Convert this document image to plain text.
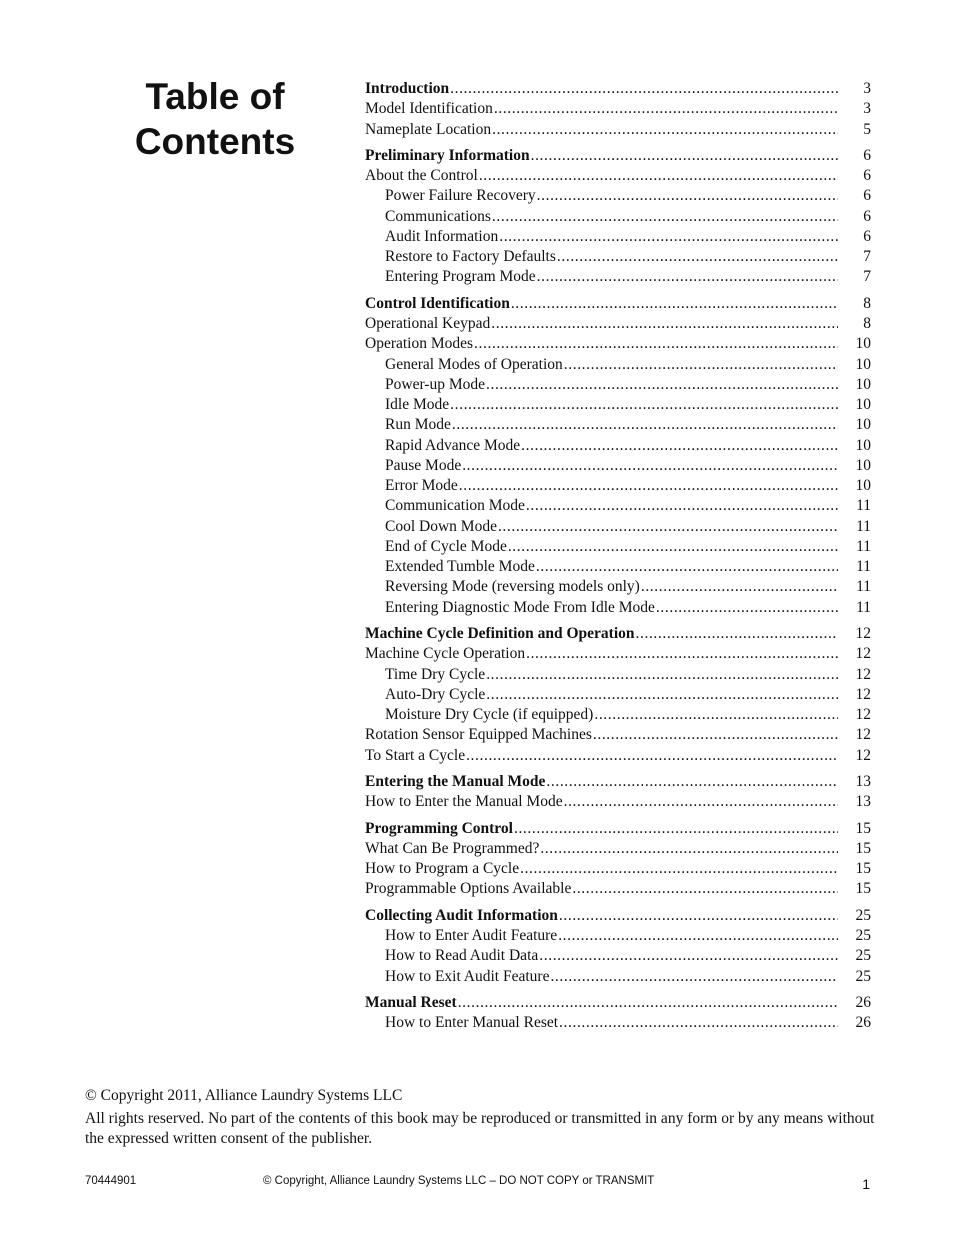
Table of
Contents
Introduction .....	3
Model Identification .....	3
Nameplate Location .....	5
Preliminary Information .....	6
About the Control .....	6
Power Failure Recovery .....	6
Communications .....	6
Audit Information .....	6
Restore to Factory Defaults .....	7
Entering Program Mode .....	7
Control Identification .....	8
Operational Keypad .....	8
Operation Modes .....	10
General Modes of Operation .....	10
Power-up Mode .....	10
Idle Mode .....	10
Run Mode .....	10
Rapid Advance Mode .....	10
Pause Mode .....	10
Error Mode .....	10
Communication Mode .....	11
Cool Down Mode .....	11
End of Cycle Mode .....	11
Extended Tumble Mode .....	11
Reversing Mode (reversing models only) .....	11
Entering Diagnostic Mode From Idle Mode .....	11
Machine Cycle Definition and Operation .....	12
Machine Cycle Operation .....	12
Time Dry Cycle .....	12
Auto-Dry Cycle .....	12
Moisture Dry Cycle (if equipped) .....	12
Rotation Sensor Equipped Machines .....	12
To Start a Cycle .....	12
Entering the Manual Mode .....	13
How to Enter the Manual Mode .....	13
Programming Control .....	15
What Can Be Programmed? .....	15
How to Program a Cycle .....	15
Programmable Options Available .....	15
Collecting Audit Information .....	25
How to Enter Audit Feature .....	25
How to Read Audit Data .....	25
How to Exit Audit Feature .....	25
Manual Reset .....	26
How to Enter Manual Reset .....	26

© Copyright 2011, Alliance Laundry Systems LLC

All rights reserved. No part of the contents of this book may be reproduced or transmitted in any form or by any means without the expressed written consent of the publisher.

70444901	© Copyright, Alliance Laundry Systems LLC – DO NOT COPY or TRANSMIT	1
